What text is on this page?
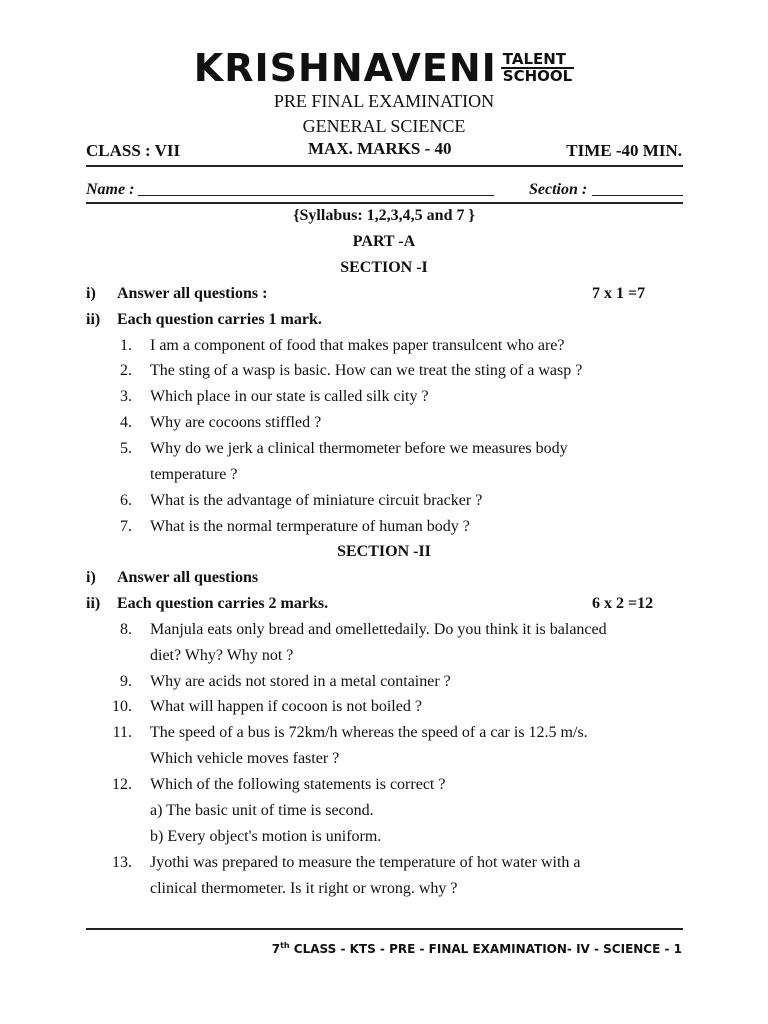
KRISHNAVENI TALENT
SCHOOL
PRE FINAL EXAMINATION
GENERAL SCIENCE
CLASS : VII	MAX. MARKS - 40	TIME -40 MIN.
Name :	Section :
{Syllabus: 1,2,3,4,5 and 7 }
PART -A
SECTION -I
i) Answer all questions :	7 x 1 =7
ii) Each question carries 1 mark.
1. I am a component of food that makes paper transulcent who are?
2. The sting of a wasp is basic. How can we treat the sting of a wasp ?
3. Which place in our state is called silk city ?
4. Why are cocoons stiffled ?
5. Why do we jerk a clinical thermometer before we measures body
temperature ?
6. What is the advantage of miniature circuit bracker ?
7. What is the normal termperature of human body ?
SECTION -II
i) Answer all questions
ii) Each question carries 2 marks.	6 x 2 =12
8. Manjula eats only bread and omellettedaily. Do you think it is balanced
diet? Why? Why not ?
9. Why are acids not stored in a metal container ?
10. What will happen if cocoon is not boiled ?
11. The speed of a bus is 72km/h whereas the speed of a car is 12.5 m/s.
Which vehicle moves faster ?
12. Which of the following statements is correct ?
a) The basic unit of time is second.
b) Every object's motion is uniform.
13. Jyothi was prepared to measure the temperature of hot water with a
clinical thermometer. Is it right or wrong. why ?
7th CLASS - KTS - PRE - FINAL EXAMINATION- IV - SCIENCE - 1
